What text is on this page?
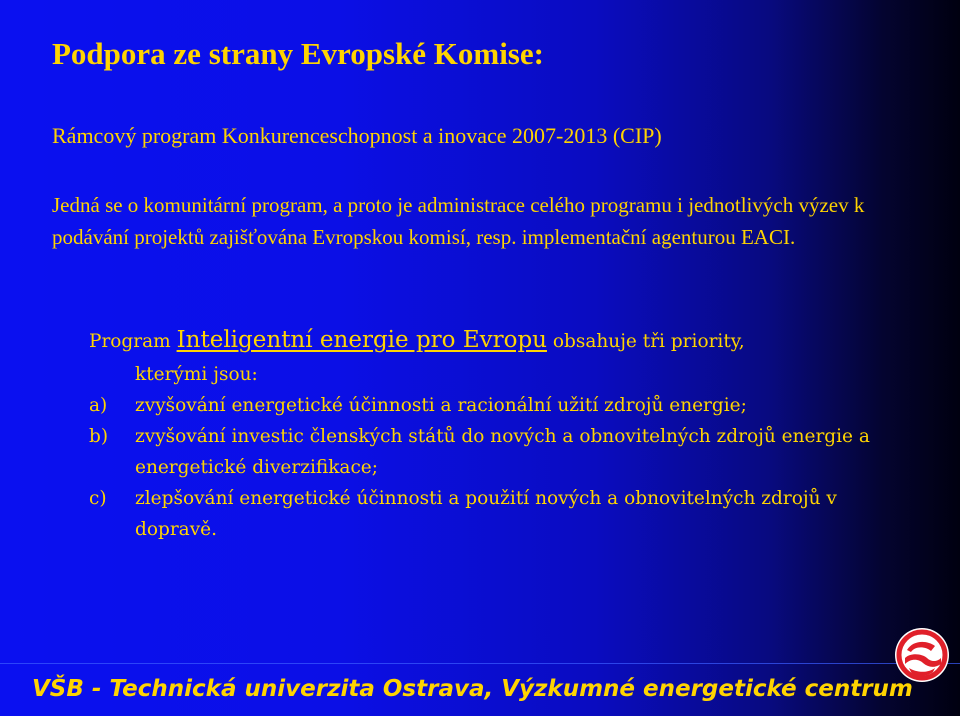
Podpora ze strany Evropské Komise:
Rámcový program Konkurenceschopnost a inovace 2007-2013 (CIP)
Jedná se o komunitární program, a proto je administrace celého programu i jednotlivých výzev k podávání projektů zajišťována Evropskou komisí, resp. implementační agenturou EACI.
Program Inteligentní energie pro Evropu obsahuje tři priority,
kterými jsou:
a)	zvyšování energetické účinnosti a racionální užití zdrojů energie;
b)	zvyšování investic členských států do nových a obnovitelných zdrojů energie a energetické diverzifikace;
c)	zlepšování energetické účinnosti a použití nových a obnovitelných zdrojů v dopravě.
VŠB - Technická univerzita Ostrava, Výzkumné energetické centrum
